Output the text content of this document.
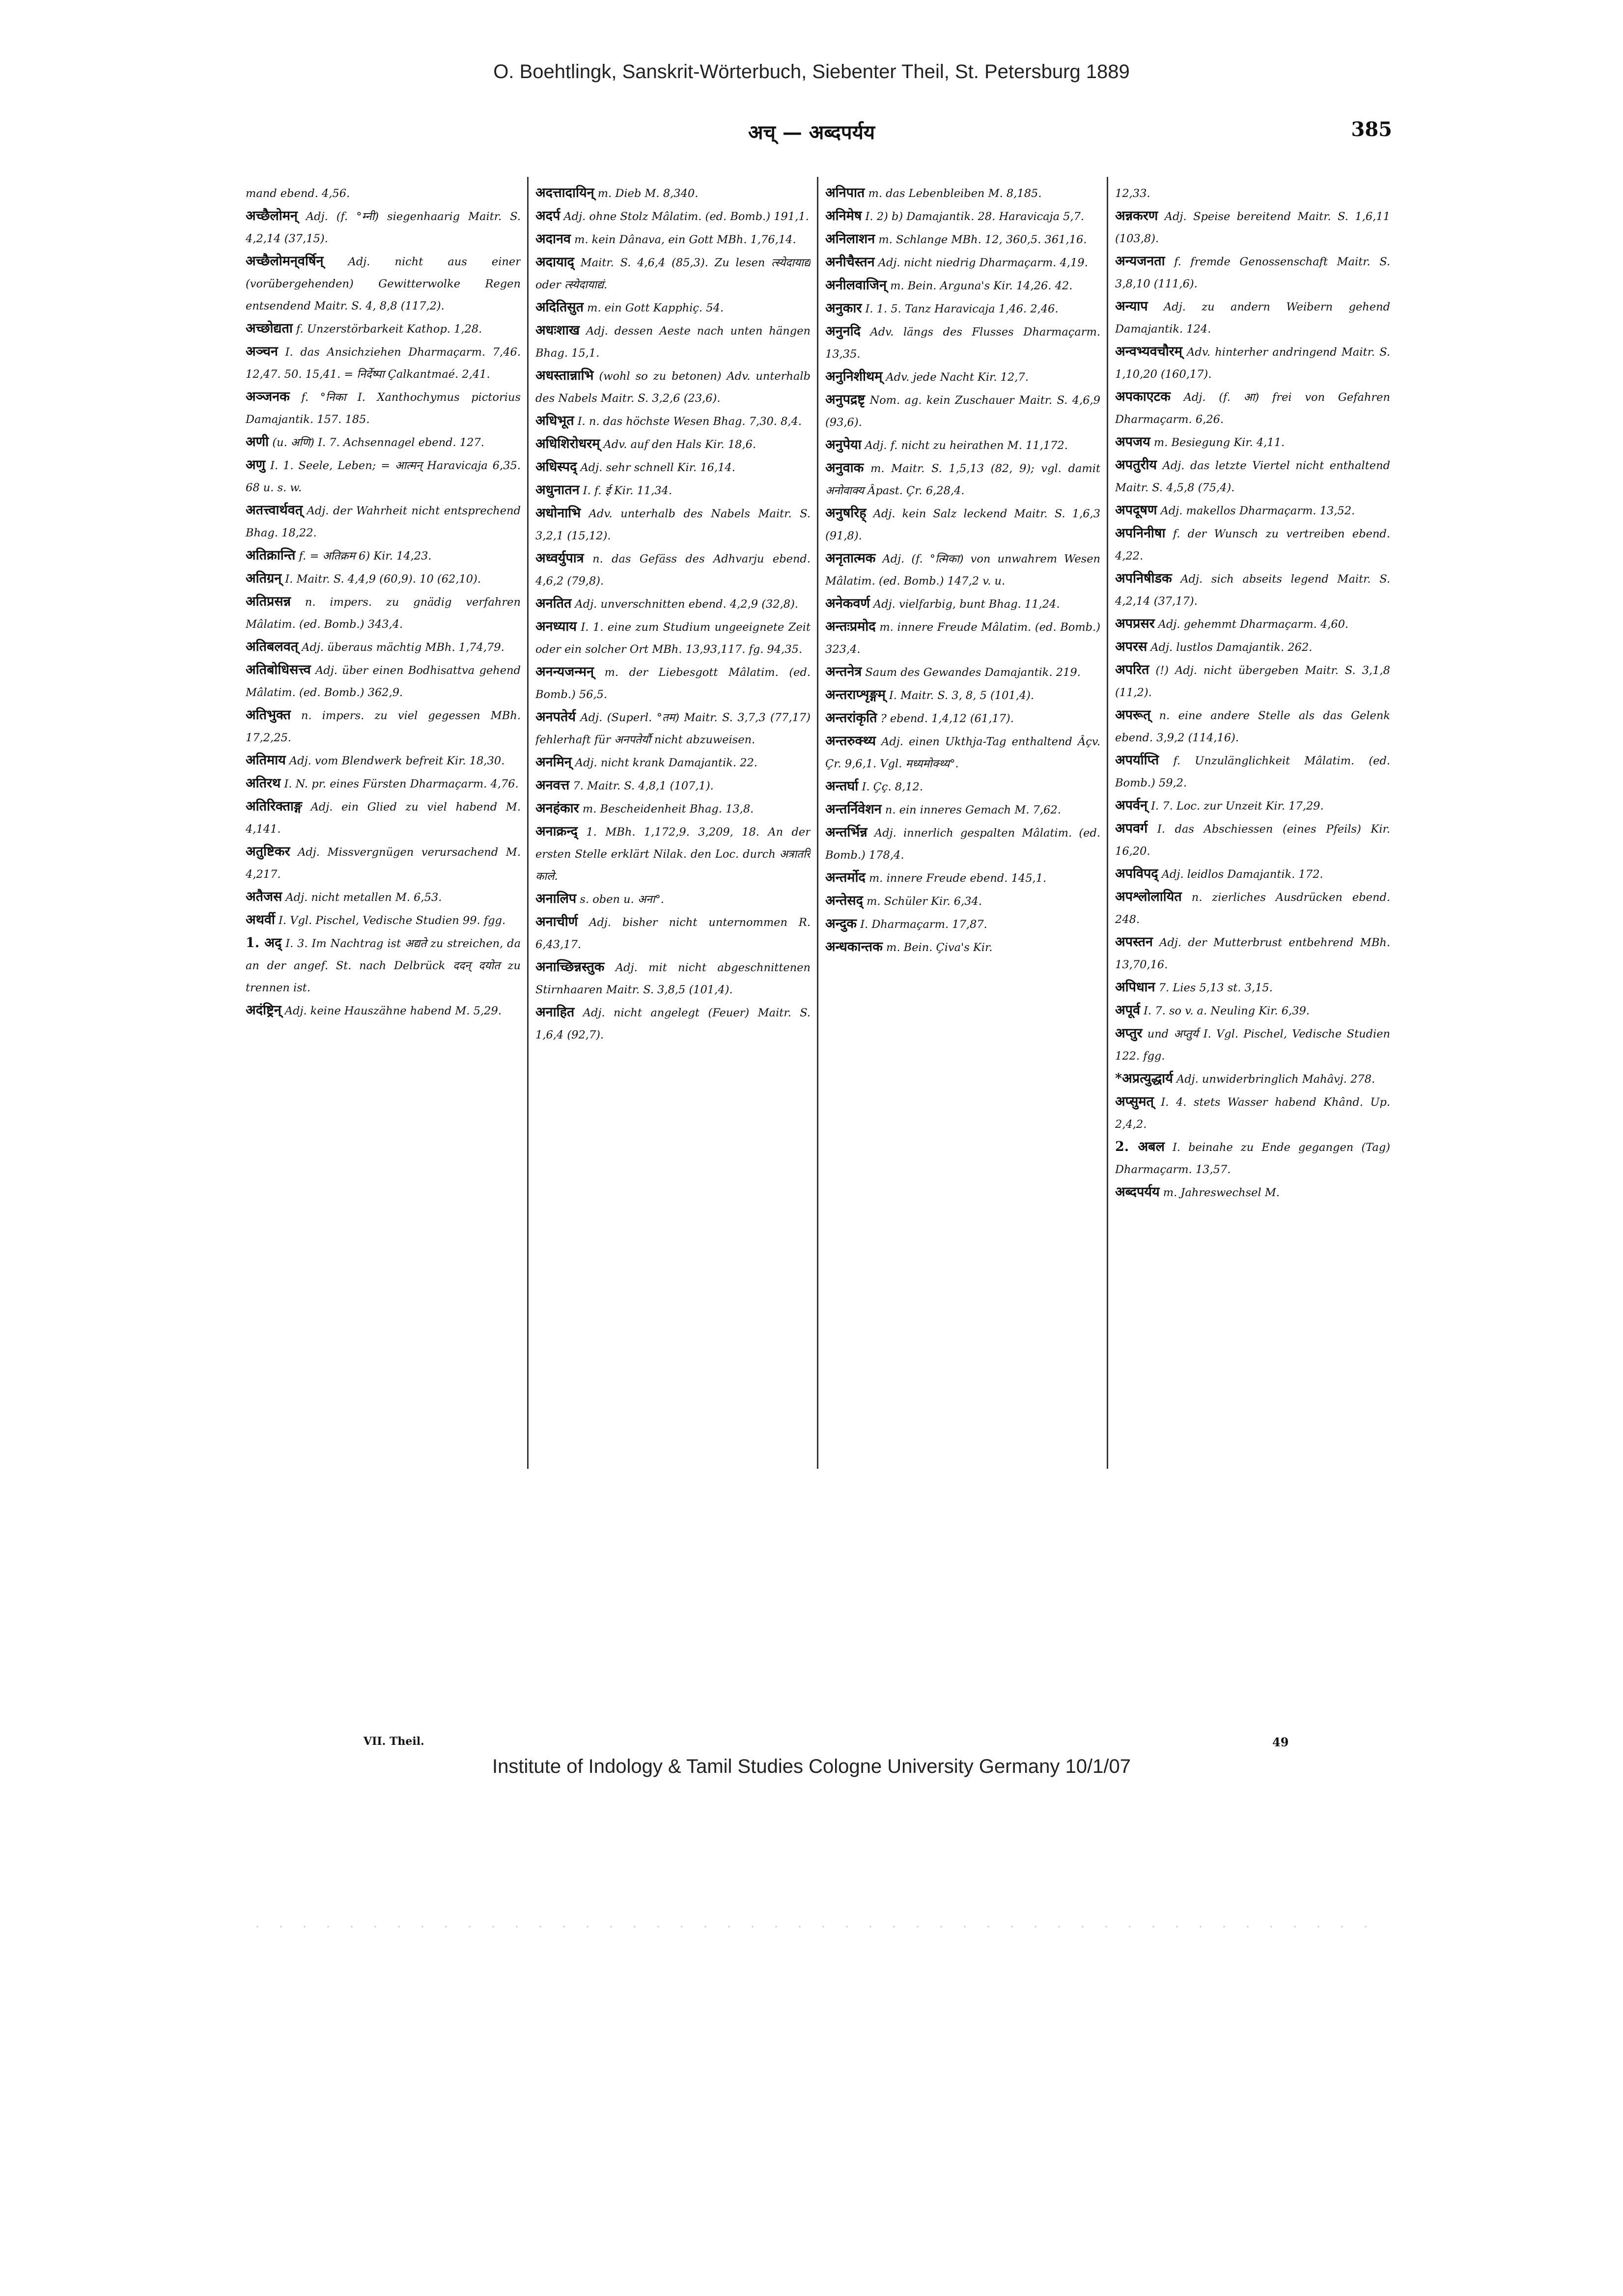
O. Boehtlingk, Sanskrit-Wörterbuch, Siebenter Theil, St. Petersburg 1889
अच् — अब्दपर्यय	385

mand ebend. 4,56.

अच्छैलोमन् Adj. (f. °म्नी) siegenhaarig Maitr. S. 4,2,14 (37,15).

अच्छैलोमन्‌वर्षिन् Adj. nicht aus einer (vorübergehenden) Gewitterwolke Regen entsendend Maitr. S. 4, 8,8 (117,2).

अच्छोद्यता f. Unzerstörbarkeit Kathop. 1,28.

अञ्चन I. das Ansichziehen Dharmaçarm. 7,46. 12,47. 50. 15,41. = निर्देष्पा Çalkantmaé. 2,41.

अञ्जनक f. °निका I. Xanthochymus pictorius Damajantik. 157. 185.

अणी (u. अणि) I. 7. Achsennagel ebend. 127.

अणु I. 1. Seele, Leben; = आत्मन् Haravicaja 6,35. 68 u. s. w.

अतत्त्वार्थवत् Adj. der Wahrheit nicht entsprechend Bhag. 18,22.

अतिक्रान्ति f. = अतिक्रम 6) Kir. 14,23.

अतिग्रन्‌ I. Maitr. S. 4,4,9 (60,9). 10 (62,10).

अतिप्रसन्न n. impers. zu gnädig verfahren Mâlatim. (ed. Bomb.) 343,4.

अतिबलवत् Adj. überaus mächtig MBh. 1,74,79.

अतिबोधिसत्त्व Adj. über einen Bodhisattva gehend Mâlatim. (ed. Bomb.) 362,9.

अतिभुक्त n. impers. zu viel gegessen MBh. 17,2,25.

अतिमाय Adj. vom Blendwerk befreit Kir. 18,30.

अतिरथ I. N. pr. eines Fürsten Dharmaçarm. 4,76.

अतिरिक्ताङ्ग Adj. ein Glied zu viel habend M. 4,141.

अतुष्टिकर Adj. Missvergnügen verursachend M. 4,217.

अतैजस Adj. nicht metallen M. 6,53.

अथर्वी I. Vgl. Pischel, Vedische Studien 99. fgg.

1. अद् I. 3. Im Nachtrag ist अद्यते zu streichen, da an der angef. St. nach Delbrück ददन् दयोत zu trennen ist.

अदंष्ट्रिन् Adj. keine Hauszähne habend M. 5,29.

अदत्तादायिन् m. Dieb M. 8,340.

अदर्प Adj. ohne Stolz Mâlatim. (ed. Bomb.) 191,1.

अदानव m. kein Dânava, ein Gott MBh. 1,76,14.

अदायाद् Maitr. S. 4,6,4 (85,3). Zu lesen त्स्येदायाद्य oder त्स्येदायाद्यं.

अदितिसुत m. ein Gott Kapphiç. 54.

अधःशाख Adj. dessen Aeste nach unten hängen Bhag. 15,1.

अधस्तान्नाभि (wohl so zu betonen) Adv. unterhalb des Nabels Maitr. S. 3,2,6 (23,6).

अधिभूत I. n. das höchste Wesen Bhag. 7,30. 8,4.

अधिशिरोधरम् Adv. auf den Hals Kir. 18,6.

अधिस्पद् Adj. sehr schnell Kir. 16,14.

अधुनातन I. f. ई Kir. 11,34.

अधोनाभि Adv. unterhalb des Nabels Maitr. S. 3,2,1 (15,12).

अध्वर्युपात्र n. das Gefäss des Adhvarju ebend. 4,6,2 (79,8).

अनतित Adj. unverschnitten ebend. 4,2,9 (32,8).

अनध्याय I. 1. eine zum Studium ungeeignete Zeit oder ein solcher Ort MBh. 13,93,117. fg. 94,35.

अनन्यजन्मन् m. der Liebesgott Mâlatim. (ed. Bomb.) 56,5.

अनपतेर्य Adj. (Superl. °तम) Maitr. S. 3,7,3 (77,17) fehlerhaft für अनपतेर्यौ nicht abzuweisen.

अनमिन् Adj. nicht krank Damajantik. 22.

अनवत्त 7. Maitr. S. 4,8,1 (107,1).

अनहंकार m. Bescheidenheit Bhag. 13,8.

अनाक्रन्द् 1. MBh. 1,172,9. 3,209, 18. An der ersten Stelle erklärt Nilak. den Loc. durch अत्रातरि काले.

अनालिप s. oben u. अना°.

अनाचीर्ण Adj. bisher nicht unternommen R. 6,43,17.

अनाच्छिन्नस्तुक Adj. mit nicht abgeschnittenen Stirnhaaren Maitr. S. 3,8,5 (101,4).

अनाहित Adj. nicht angelegt (Feuer) Maitr. S. 1,6,4 (92,7).

अनिपात m. das Lebenbleiben M. 8,185.

अनिमेष I. 2) b) Damajantik. 28. Haravicaja 5,7.

अनिलाशन m. Schlange MBh. 12, 360,5. 361,16.

अनीचैस्तन Adj. nicht niedrig Dharmaçarm. 4,19.

अनीलवाजिन् m. Bein. Arguna's Kir. 14,26. 42.

अनुकार I. 1. 5. Tanz Haravicaja 1,46. 2,46.

अनुनदि Adv. längs des Flusses Dharmaçarm. 13,35.

अनुनिशीथम् Adv. jede Nacht Kir. 12,7.

अनुपद्रष्टृ Nom. ag. kein Zuschauer Maitr. S. 4,6,9 (93,6).

अनुपेया Adj. f. nicht zu heirathen M. 11,172.

अनुवाक m. Maitr. S. 1,5,13 (82, 9); vgl. damit अनोवाक्य Âpast. Çr. 6,28,4.

अनुषरिह् Adj. kein Salz leckend Maitr. S. 1,6,3 (91,8).

अनृतात्मक Adj. (f. °त्मिका) von unwahrem Wesen Mâlatim. (ed. Bomb.) 147,2 v. u.

अनेकवर्ण Adj. vielfarbig, bunt Bhag. 11,24.

अन्तःप्रमोद m. innere Freude Mâlatim. (ed. Bomb.) 323,4.

अन्तनेत्र Saum des Gewandes Damajantik. 219.

अन्तराप्शृङ्गम् I. Maitr. S. 3, 8, 5 (101,4).

अन्तरांकृति ? ebend. 1,4,12 (61,17).

अन्तरुक्थ्य Adj. einen Ukthja-Tag enthaltend Âçv. Çr. 9,6,1. Vgl. मध्यमोक्थ्य°.

अन्तर्घा I. Çç. 8,12.

अन्तर्निवेशन n. ein inneres Gemach M. 7,62.

अन्तर्भिन्न Adj. innerlich gespalten Mâlatim. (ed. Bomb.) 178,4.

अन्तर्मोद m. innere Freude ebend. 145,1.

अन्तेसद् m. Schüler Kir. 6,34.

अन्दुक I. Dharmaçarm. 17,87.

अन्धकान्तक m. Bein. Çiva's Kir.

12,33.

अन्नकरण Adj. Speise bereitend Maitr. S. 1,6,11 (103,8).

अन्यजनता f. fremde Genossenschaft Maitr. S. 3,8,10 (111,6).

अन्याप Adj. zu andern Weibern gehend Damajantik. 124.

अन्वभ्यवचौरम् Adv. hinterher andringend Maitr. S. 1,10,20 (160,17).

अपकाएटक Adj. (f. आ) frei von Gefahren Dharmaçarm. 6,26.

अपजय m. Besiegung Kir. 4,11.

अपतुरीय Adj. das letzte Viertel nicht enthaltend Maitr. S. 4,5,8 (75,4).

अपदूषण Adj. makellos Dharmaçarm. 13,52.

अपनिनीषा f. der Wunsch zu vertreiben ebend. 4,22.

अपनिषीडक Adj. sich abseits legend Maitr. S. 4,2,14 (37,17).

अपप्रसर Adj. gehemmt Dharmaçarm. 4,60.

अपरस Adj. lustlos Damajantik. 262.

अपरित (!) Adj. nicht übergeben Maitr. S. 3,1,8 (11,2).

अपरूत्‌ n. eine andere Stelle als das Gelenk ebend. 3,9,2 (114,16).

अपर्याप्ति f. Unzulänglichkeit Mâlatim. (ed. Bomb.) 59,2.

अपर्वन् I. 7. Loc. zur Unzeit Kir. 17,29.

अपवर्ग I. das Abschiessen (eines Pfeils) Kir. 16,20.

अपविपद् Adj. leidlos Damajantik. 172.

अपश्लोलायित n. zierliches Ausdrücken ebend. 248.

अपस्तन Adj. der Mutterbrust entbehrend MBh. 13,70,16.

अपिधान 7. Lies 5,13 st. 3,15.

अपूर्व I. 7. so v. a. Neuling Kir. 6,39.

अप्तुर und अप्तुर्य I. Vgl. Pischel, Vedische Studien 122. fgg.

*अप्रत्युद्धार्य Adj. unwiderbringlich Mahâvj. 278.

अप्सुमत् I. 4. stets Wasser habend Khând. Up. 2,4,2.

2. अबल I. beinahe zu Ende gegangen (Tag) Dharmaçarm. 13,57.

अब्दपर्यय m. Jahreswechsel M.

VII. Theil.	49
Institute of Indology & Tamil Studies Cologne University Germany 10/1/07
